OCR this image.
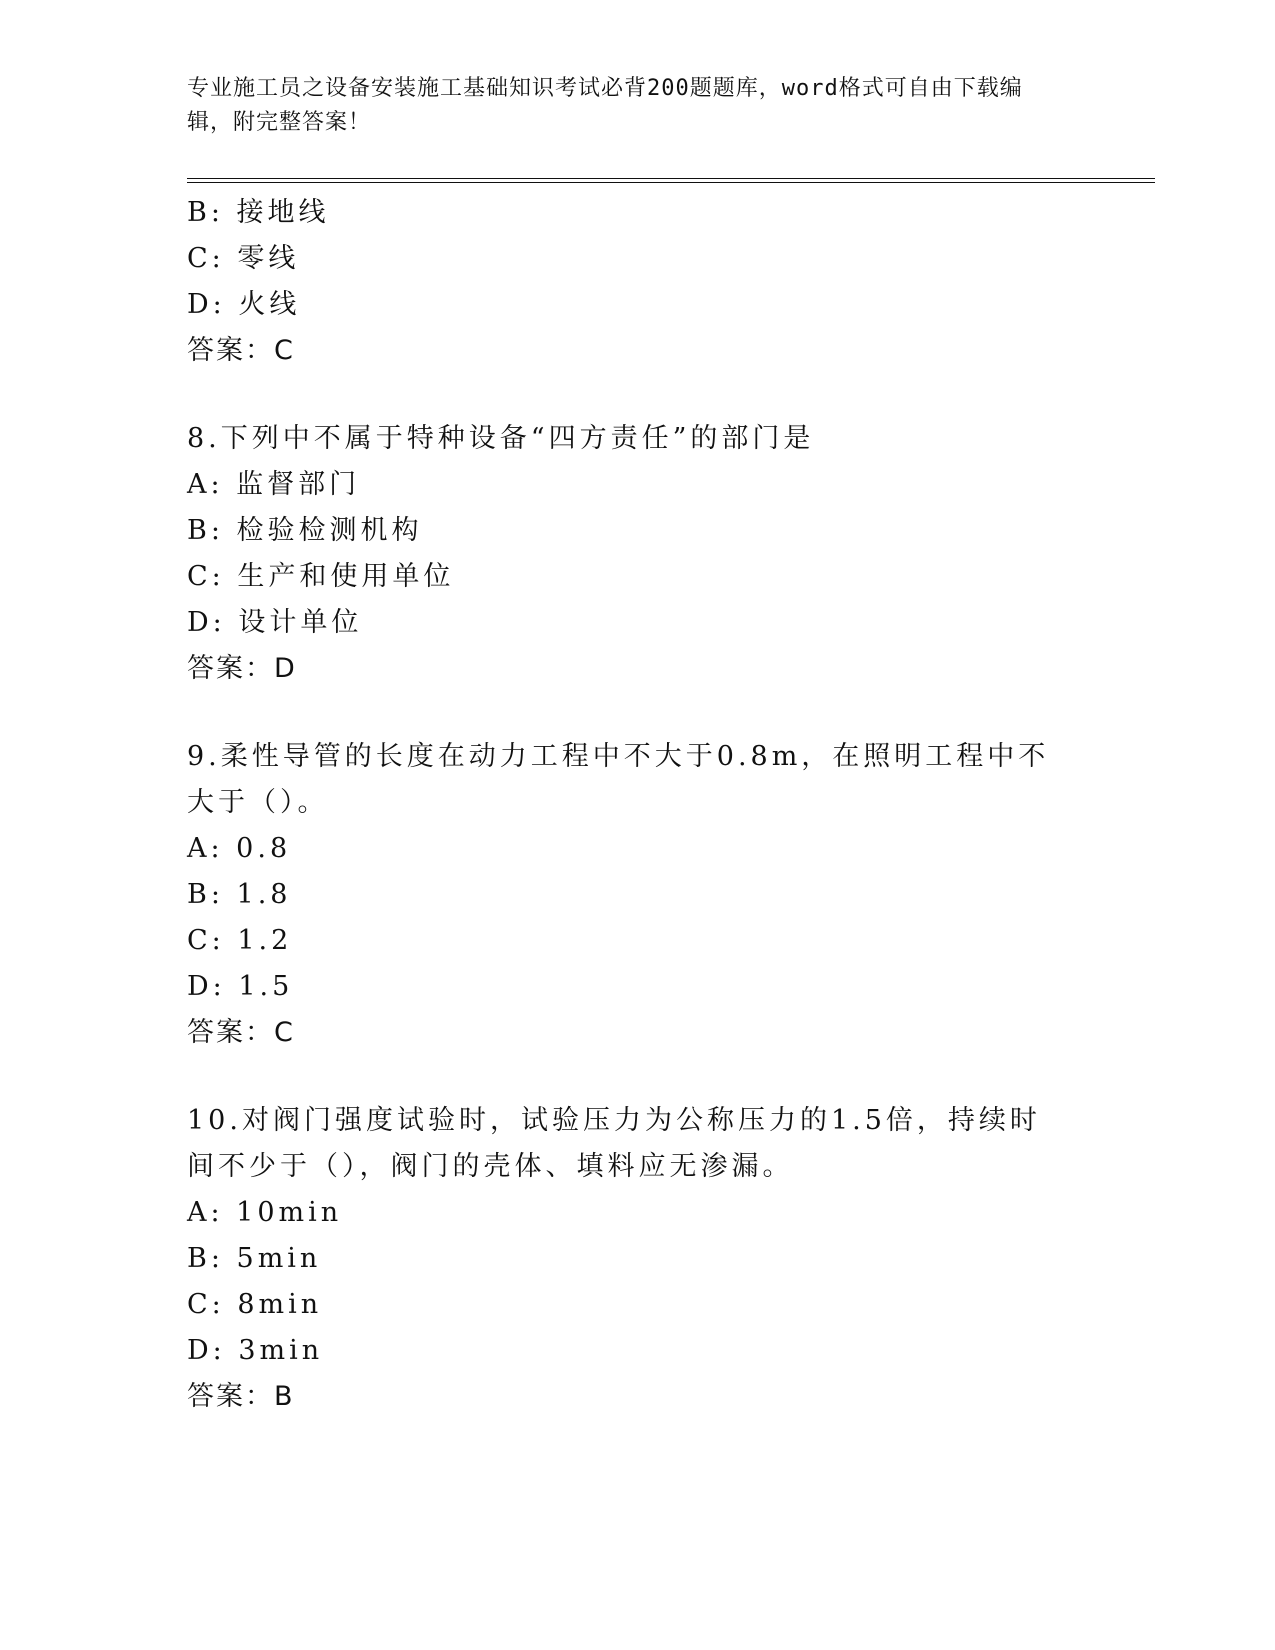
专业施工员之设备安装施工基础知识考试必背200题题库，word格式可自由下载编辑，附完整答案！
B: 接地线
C: 零线
D: 火线
答案：C
8.下列中不属于特种设备“四方责任”的部门是
A: 监督部门
B: 检验检测机构
C: 生产和使用单位
D: 设计单位
答案：D
9.柔性导管的长度在动力工程中不大于0.8m，在照明工程中不大于（）。
A: 0.8
B: 1.8
C: 1.2
D: 1.5
答案：C
10.对阀门强度试验时，试验压力为公称压力的1.5倍，持续时间不少于（），阀门的壳体、填料应无渗漏。
A: 10min
B: 5min
C: 8min
D: 3min
答案：B
